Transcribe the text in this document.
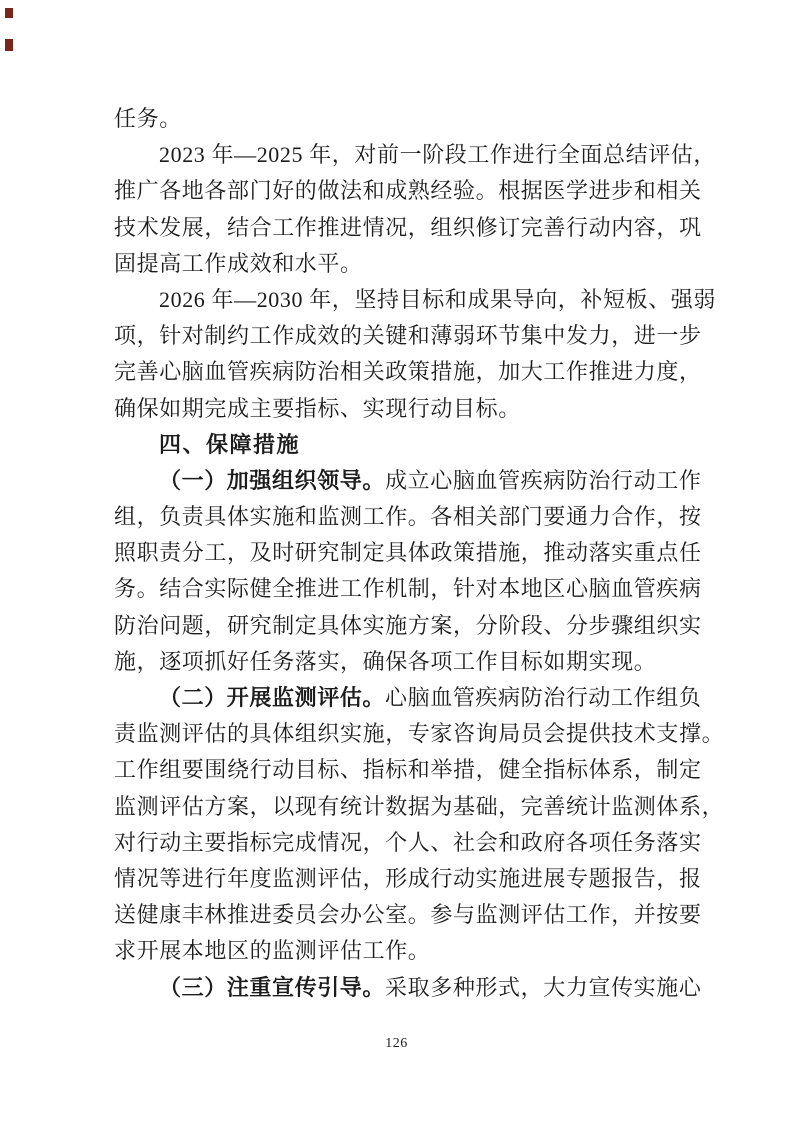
任务。
2023 年—2025 年，对前一阶段工作进行全面总结评估，
推广各地各部门好的做法和成熟经验。根据医学进步和相关
技术发展，结合工作推进情况，组织修订完善行动内容，巩
固提高工作成效和水平。
2026 年—2030 年，坚持目标和成果导向，补短板、强弱
项，针对制约工作成效的关键和薄弱环节集中发力，进一步
完善心脑血管疾病防治相关政策措施，加大工作推进力度，
确保如期完成主要指标、实现行动目标。
四、保障措施
（一）加强组织领导。成立心脑血管疾病防治行动工作
组，负责具体实施和监测工作。各相关部门要通力合作，按
照职责分工，及时研究制定具体政策措施，推动落实重点任
务。结合实际健全推进工作机制，针对本地区心脑血管疾病
防治问题，研究制定具体实施方案，分阶段、分步骤组织实
施，逐项抓好任务落实，确保各项工作目标如期实现。
（二）开展监测评估。心脑血管疾病防治行动工作组负
责监测评估的具体组织实施，专家咨询局员会提供技术支撑。
工作组要围绕行动目标、指标和举措，健全指标体系，制定
监测评估方案，以现有统计数据为基础，完善统计监测体系，
对行动主要指标完成情况，个人、社会和政府各项任务落实
情况等进行年度监测评估，形成行动实施进展专题报告，报
送健康丰林推进委员会办公室。参与监测评估工作，并按要
求开展本地区的监测评估工作。
（三）注重宣传引导。采取多种形式，大力宣传实施心
126
